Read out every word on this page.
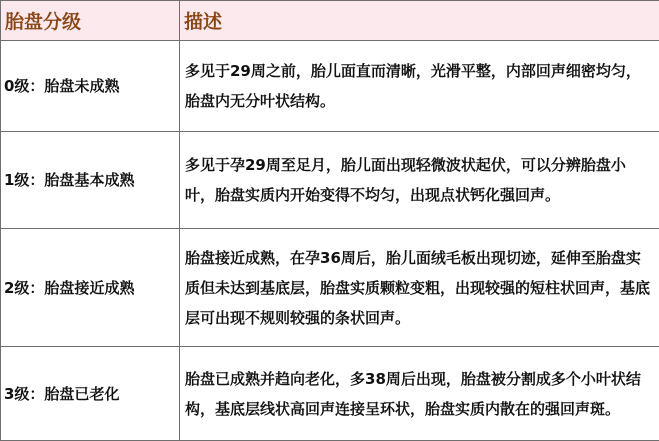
胎盘分级	描述
0级：胎盘未成熟	多见于29周之前，胎儿面直而清晰，光滑平整，内部回声细密均匀，胎盘内无分叶状结构。
1级：胎盘基本成熟	多见于孕29周至足月，胎儿面出现轻微波状起伏，可以分辨胎盘小叶，胎盘实质内开始变得不均匀，出现点状钙化强回声。
2级：胎盘接近成熟	胎盘接近成熟，在孕36周后，胎儿面绒毛板出现切迹，延伸至胎盘实质但未达到基底层，胎盘实质颗粒变粗，出现较强的短柱状回声，基底层可出现不规则较强的条状回声。
3级：胎盘已老化	胎盘已成熟并趋向老化，多38周后出现，胎盘被分割成多个小叶状结构，基底层线状高回声连接呈环状，胎盘实质内散在的强回声斑。
